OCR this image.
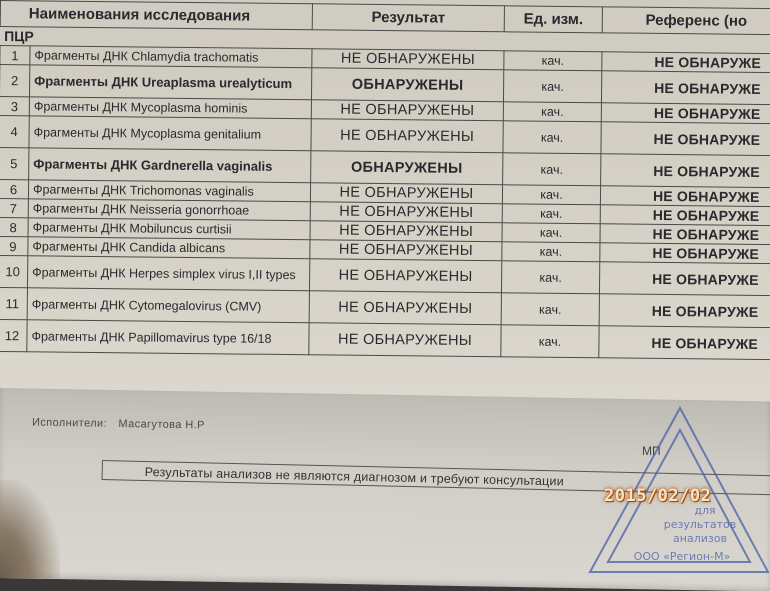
Наименования исследования		Результат	Ед. изм.	Референс (но
ПЦР				
1	Фрагменты ДНК Chlamydia trachomatis	НЕ ОБНАРУЖЕНЫ	кач.	НЕ ОБНАРУЖЕ
2	Фрагменты ДНК Ureaplasma urealyticum	ОБНАРУЖЕНЫ	кач.	НЕ ОБНАРУЖЕ
3	Фрагменты ДНК Mycoplasma hominis	НЕ ОБНАРУЖЕНЫ	кач.	НЕ ОБНАРУЖЕ
4	Фрагменты ДНК Mycoplasma genitalium	НЕ ОБНАРУЖЕНЫ	кач.	НЕ ОБНАРУЖЕ
5	Фрагменты ДНК Gardnerella vaginalis	ОБНАРУЖЕНЫ	кач.	НЕ ОБНАРУЖЕ
6	Фрагменты ДНК Trichomonas vaginalis	НЕ ОБНАРУЖЕНЫ	кач.	НЕ ОБНАРУЖЕ
7	Фрагменты ДНК Neisseria gonorrhoae	НЕ ОБНАРУЖЕНЫ	кач.	НЕ ОБНАРУЖЕ
8	Фрагменты ДНК Mobiluncus curtisii	НЕ ОБНАРУЖЕНЫ	кач.	НЕ ОБНАРУЖЕ
9	Фрагменты ДНК Candida albicans	НЕ ОБНАРУЖЕНЫ	кач.	НЕ ОБНАРУЖЕ
10	Фрагменты ДНК Herpes simplex virus I,II types	НЕ ОБНАРУЖЕНЫ	кач.	НЕ ОБНАРУЖЕ
11	Фрагменты ДНК Cytomegalovirus (CMV)	НЕ ОБНАРУЖЕНЫ	кач.	НЕ ОБНАРУЖЕ
12	Фрагменты ДНК Papillomavirus type 16/18	НЕ ОБНАРУЖЕНЫ	кач.	НЕ ОБНАРУЖЕ
Исполнители: Масагутова Н.Р
МП
Результаты анализов не являются диагнозом и требуют консультации
для
результатов
анализов
ООО «Регион-М»
2015/02/02
